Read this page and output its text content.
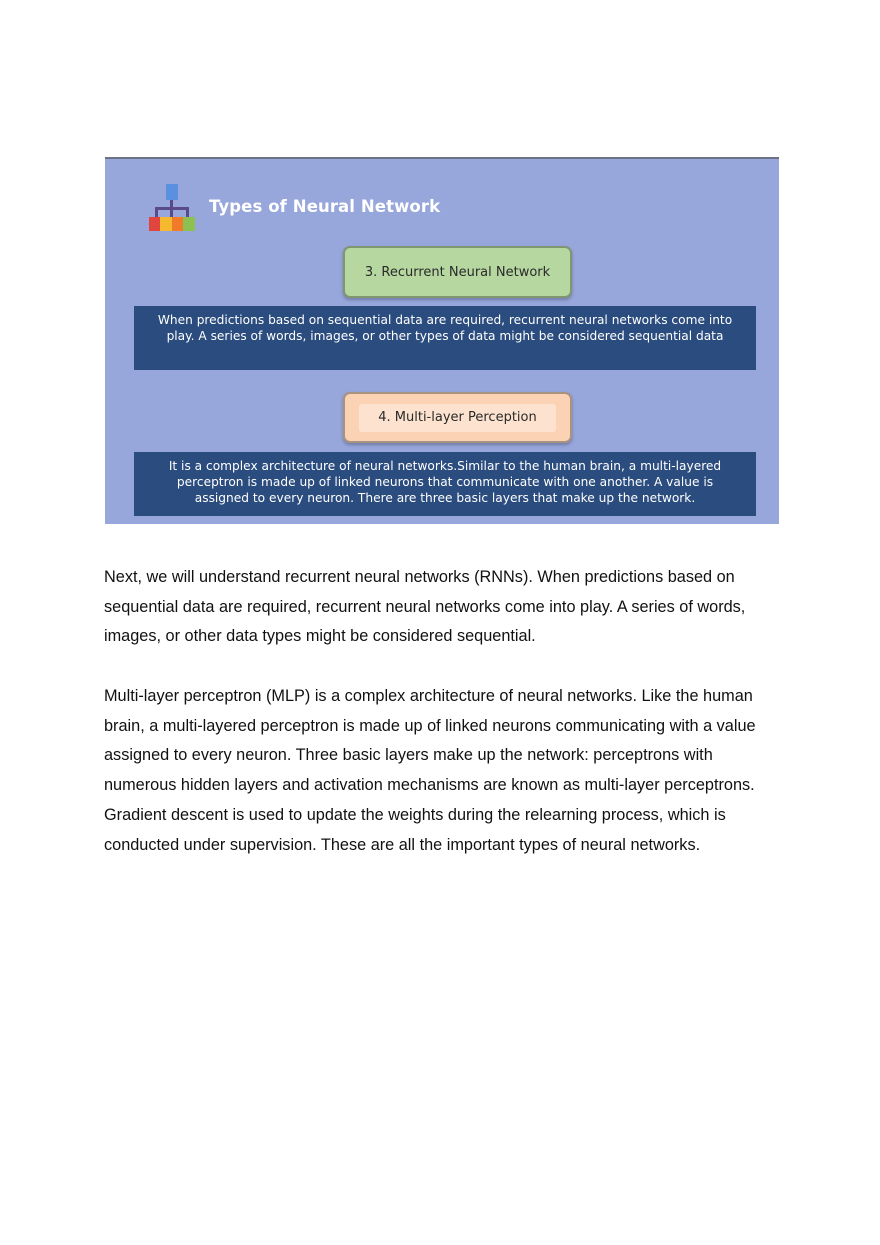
Types of Neural Network
3. Recurrent Neural Network
When predictions based on sequential data are required, recurrent neural networks come into play. A series of words, images, or other types of data might be considered sequential data
4. Multi-layer Perception
It is a complex architecture of neural networks.Similar to the human brain, a multi-layered perceptron is made up of linked neurons that communicate with one another. A value is assigned to every neuron. There are three basic layers that make up the network.

Next, we will understand recurrent neural networks (RNNs). When predictions based on sequential data are required, recurrent neural networks come into play. A series of words, images, or other data types might be considered sequential.

Multi-layer perceptron (MLP) is a complex architecture of neural networks. Like the human brain, a multi-layered perceptron is made up of linked neurons communicating with a value assigned to every neuron. Three basic layers make up the network: perceptrons with numerous hidden layers and activation mechanisms are known as multi-layer perceptrons. Gradient descent is used to update the weights during the relearning process, which is conducted under supervision. These are all the important types of neural networks.
